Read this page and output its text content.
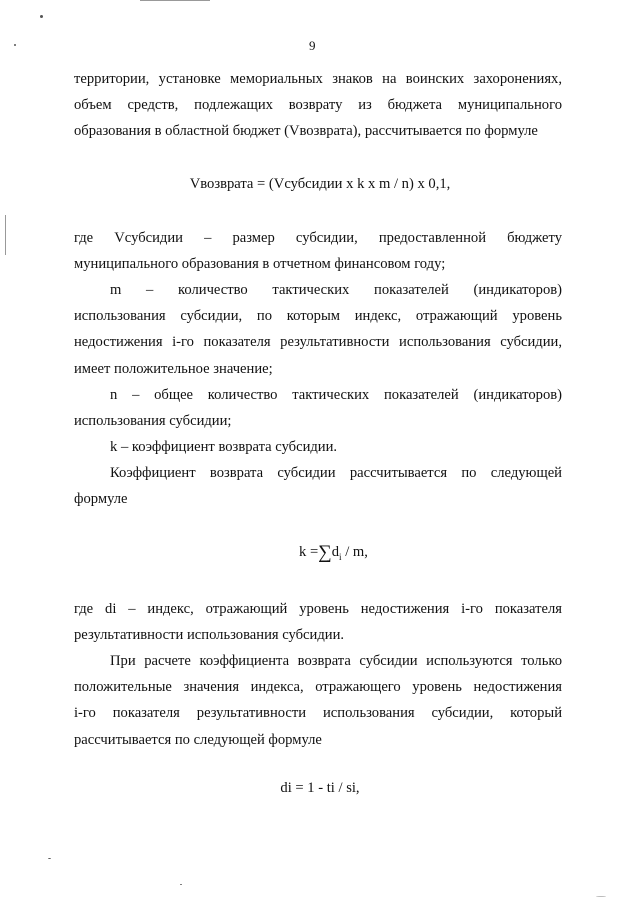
9
территории, установке мемориальных знаков на воинских захоронениях,
объем средств, подлежащих возврату из бюджета муниципального
образования в областной бюджет (Vвозврата), рассчитывается по формуле
Vвозврата = (Vсубсидии x k x m / n) x 0,1,
где Vсубсидии – размер субсидии, предоставленной бюджету
муниципального образования в отчетном финансовом году;
m – количество тактических показателей (индикаторов)
использования субсидии, по которым индекс, отражающий уровень
недостижения i-го показателя результативности использования субсидии,
имеет положительное значение;
n – общее количество тактических показателей (индикаторов)
использования субсидии;
k – коэффициент возврата субсидии.
Коэффициент возврата субсидии рассчитывается по следующей
формуле
$k =\sum d_i / m$,
где di – индекс, отражающий уровень недостижения i-го показателя
результативности использования субсидии.
При расчете коэффициента возврата субсидии используются только
положительные значения индекса, отражающего уровень недостижения
i-го показателя результативности использования субсидии, который
рассчитывается по следующей формуле
di = 1 - ti / si,
